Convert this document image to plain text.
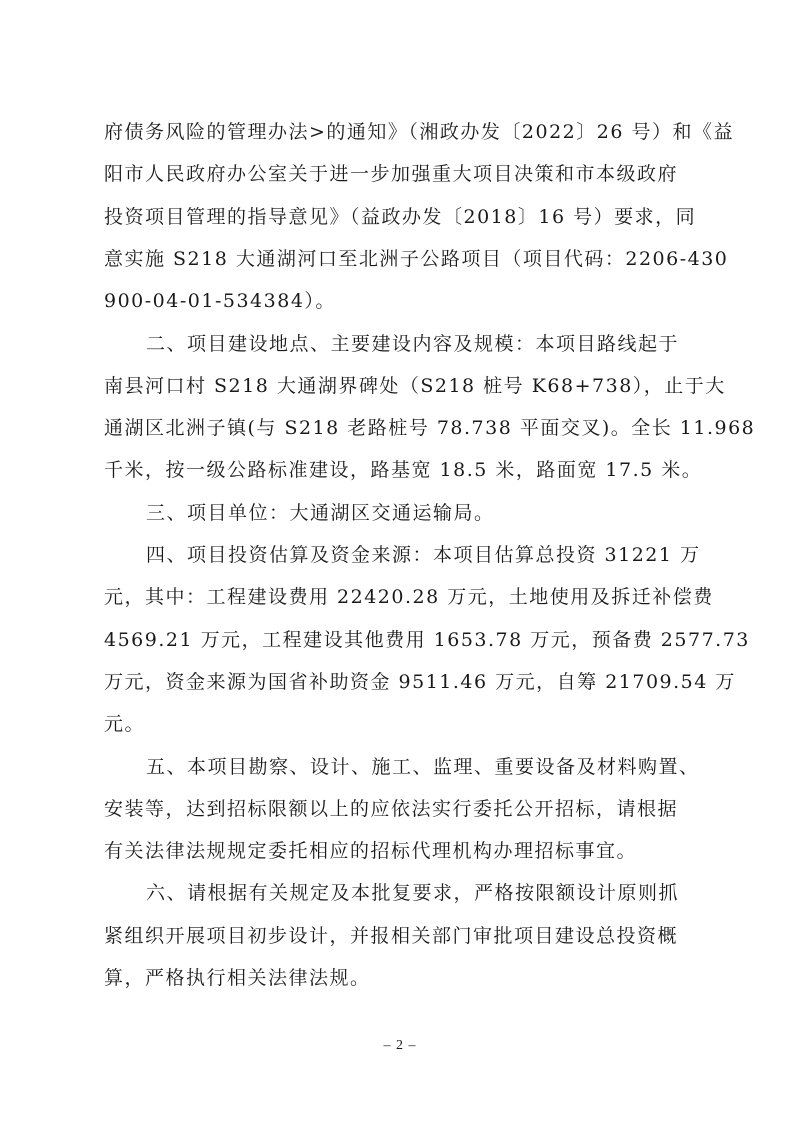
府债务风险的管理办法>的通知》（湘政办发〔2022〕26 号）和《益
阳市人民政府办公室关于进一步加强重大项目决策和市本级政府
投资项目管理的指导意见》（益政办发〔2018〕16 号）要求，同
意实施 S218 大通湖河口至北洲子公路项目（项目代码：2206-430
900-04-01-534384）。
二、项目建设地点、主要建设内容及规模：本项目路线起于
南县河口村 S218 大通湖界碑处（S218 桩号 K68+738），止于大
通湖区北洲子镇(与 S218 老路桩号 78.738 平面交叉)。全长 11.968
千米，按一级公路标准建设，路基宽 18.5 米，路面宽 17.5 米。
三、项目单位：大通湖区交通运输局。
四、项目投资估算及资金来源：本项目估算总投资 31221 万
元，其中：工程建设费用 22420.28 万元，土地使用及拆迁补偿费
4569.21 万元，工程建设其他费用 1653.78 万元，预备费 2577.73
万元，资金来源为国省补助资金 9511.46 万元，自筹 21709.54 万
元。
五、本项目勘察、设计、施工、监理、重要设备及材料购置、
安装等，达到招标限额以上的应依法实行委托公开招标，请根据
有关法律法规规定委托相应的招标代理机构办理招标事宜。
六、请根据有关规定及本批复要求，严格按限额设计原则抓
紧组织开展项目初步设计，并报相关部门审批项目建设总投资概
算，严格执行相关法律法规。
– 2 –
